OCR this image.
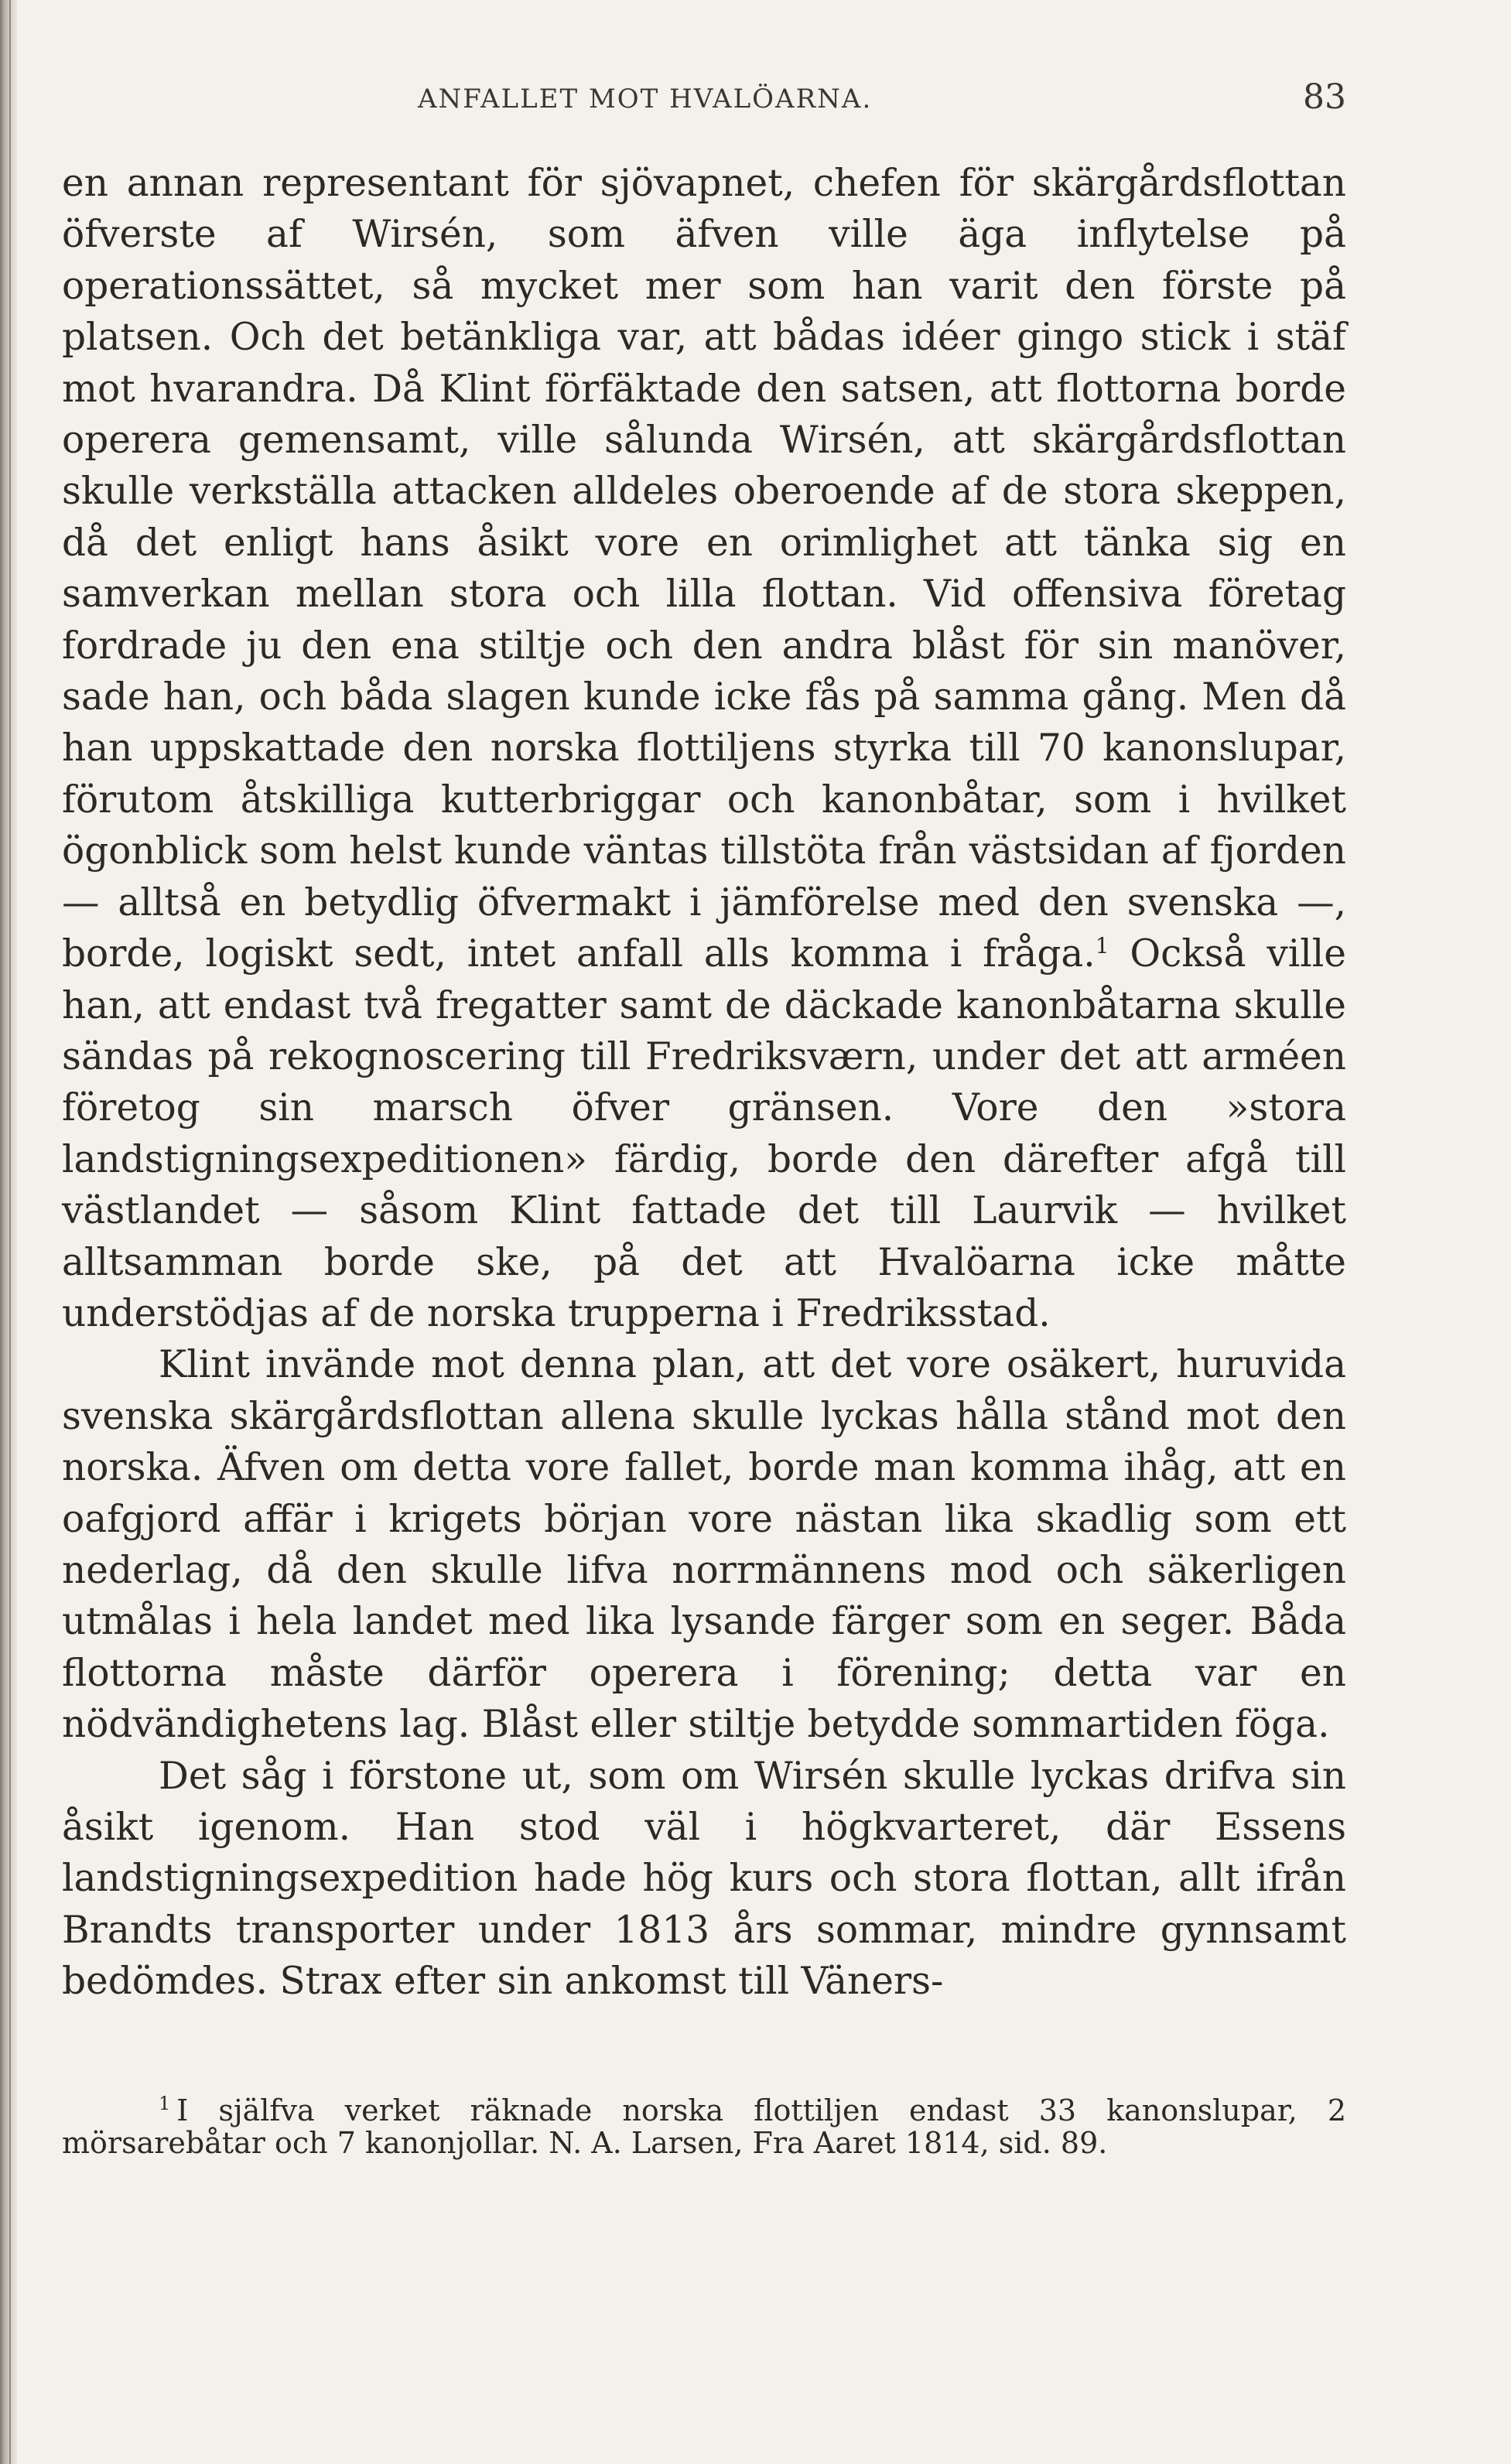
ANFALLET MOT HVALÖARNA.	83

en annan representant för sjövapnet, chefen för skärgårdsflottan öfverste af Wirsén, som äfven ville äga inflytelse på operationssättet, så mycket mer som han varit den förste på platsen. Och det betänkliga var, att bådas idéer gingo stick i stäf mot hvarandra. Då Klint förfäktade den satsen, att flottorna borde operera gemensamt, ville sålunda Wirsén, att skärgårdsflottan skulle verkställa attacken alldeles oberoende af de stora skeppen, då det enligt hans åsikt vore en orimlighet att tänka sig en samverkan mellan stora och lilla flottan. Vid offensiva företag fordrade ju den ena stiltje och den andra blåst för sin manöver, sade han, och båda slagen kunde icke fås på samma gång. Men då han uppskattade den norska flottiljens styrka till 70 kanonslupar, förutom åtskilliga kutterbriggar och kanonbåtar, som i hvilket ögonblick som helst kunde väntas tillstöta från västsidan af fjorden — alltså en betydlig öfvermakt i jämförelse med den svenska —, borde, logiskt sedt, intet anfall alls komma i fråga.$^1$ Också ville han, att endast två fregatter samt de däckade kanonbåtarna skulle sändas på rekognoscering till Fredriksværn, under det att arméen företog sin marsch öfver gränsen. Vore den »stora landstigningsexpeditionen» färdig, borde den därefter afgå till västlandet — såsom Klint fattade det till Laurvik — hvilket alltsamman borde ske, på det att Hvalöarna icke måtte understödjas af de norska trupperna i Fredriksstad.

Klint invände mot denna plan, att det vore osäkert, huruvida svenska skärgårdsflottan allena skulle lyckas hålla stånd mot den norska. Äfven om detta vore fallet, borde man komma ihåg, att en oafgjord affär i krigets början vore nästan lika skadlig som ett nederlag, då den skulle lifva norrmännens mod och säkerligen utmålas i hela landet med lika lysande färger som en seger. Båda flottorna måste därför operera i förening; detta var en nödvändighetens lag. Blåst eller stiltje betydde sommartiden föga.

Det såg i förstone ut, som om Wirsén skulle lyckas drifva sin åsikt igenom. Han stod väl i högkvarteret, där Essens landstigningsexpedition hade hög kurs och stora flottan, allt ifrån Brandts transporter under 1813 års sommar, mindre gynnsamt bedömdes. Strax efter sin ankomst till Väners-

$^1$ I själfva verket räknade norska flottiljen endast 33 kanonslupar, 2 mörsarebåtar och 7 kanonjollar. N. A. Larsen, Fra Aaret 1814, sid. 89.
